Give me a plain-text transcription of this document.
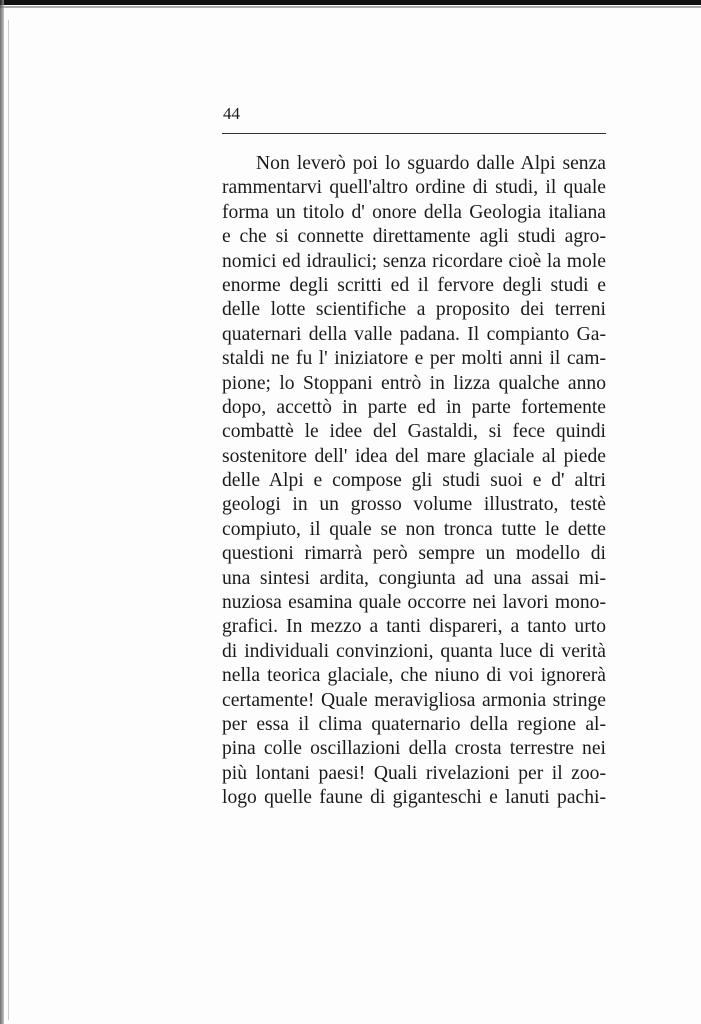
44
Non leverò poi lo sguardo dalle Alpi senza
rammentarvi quell'altro ordine di studi, il quale
forma un titolo d' onore della Geologia italiana
e che si connette direttamente agli studi agro-
nomici ed idraulici; senza ricordare cioè la mole
enorme degli scritti ed il fervore degli studi e
delle lotte scientifiche a proposito dei terreni
quaternari della valle padana. Il compianto Ga-
staldi ne fu l' iniziatore e per molti anni il cam-
pione; lo Stoppani entrò in lizza qualche anno
dopo, accettò in parte ed in parte fortemente
combattè le idee del Gastaldi, si fece quindi
sostenitore dell' idea del mare glaciale al piede
delle Alpi e compose gli studi suoi e d' altri
geologi in un grosso volume illustrato, testè
compiuto, il quale se non tronca tutte le dette
questioni rimarrà però sempre un modello di
una sintesi ardita, congiunta ad una assai mi-
nuziosa esamina quale occorre nei lavori mono-
grafici. In mezzo a tanti dispareri, a tanto urto
di individuali convinzioni, quanta luce di verità
nella teorica glaciale, che niuno di voi ignorerà
certamente! Quale meravigliosa armonia stringe
per essa il clima quaternario della regione al-
pina colle oscillazioni della crosta terrestre nei
più lontani paesi! Quali rivelazioni per il zoo-
logo quelle faune di giganteschi e lanuti pachi-
